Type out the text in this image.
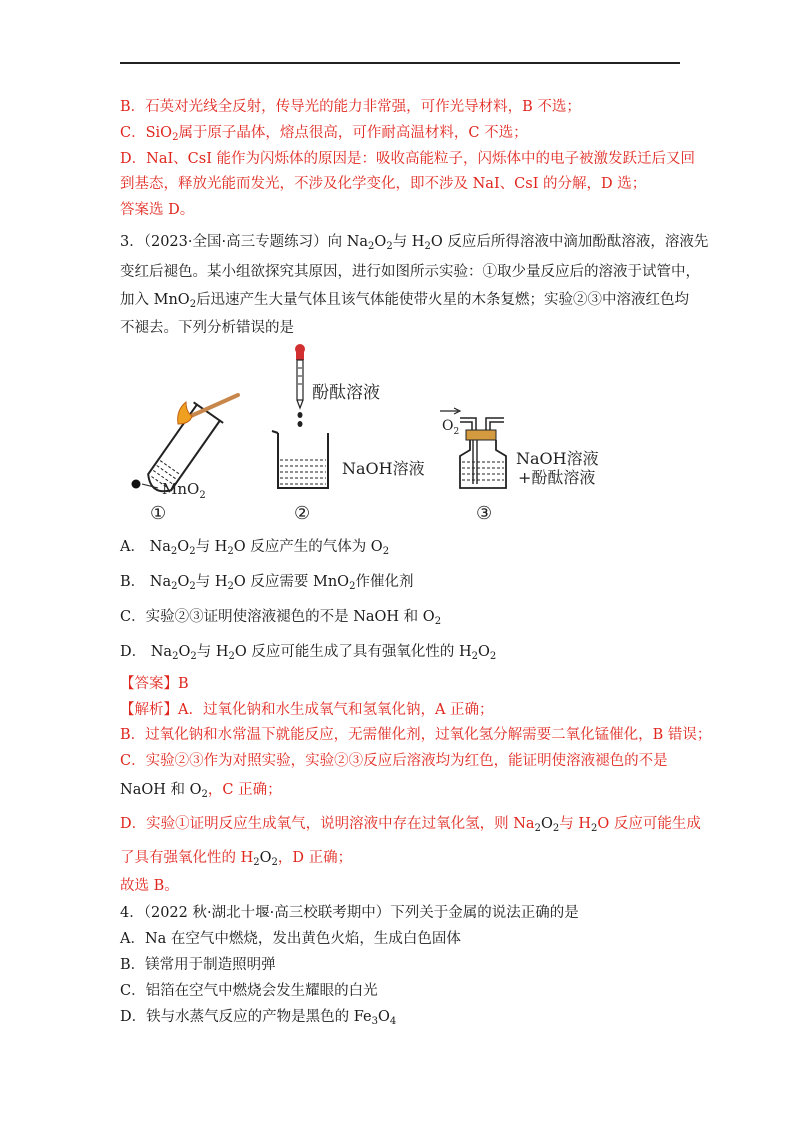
B．石英对光线全反射，传导光的能力非常强，可作光导材料，B 不选；
C．SiO$_2$属于原子晶体，熔点很高，可作耐高温材料，C 不选；
D．NaI、CsI 能作为闪烁体的原因是：吸收高能粒子，闪烁体中的电子被激发跃迁后又回
到基态，释放光能而发光，不涉及化学变化，即不涉及 NaI、CsI 的分解，D 选；
答案选 D。
3．（2023·全国·高三专题练习）向 $Na_2O_2$与 $H_2O$ 反应后所得溶液中滴加酚酞溶液，溶液先
变红后褪色。某小组欲探究其原因，进行如图所示实验：①取少量反应后的溶液于试管中，
加入 MnO$_2$后迅速产生大量气体且该气体能使带火星的木条复燃；实验②③中溶液红色均
不褪去。下列分析错误的是
MnO$_2$
①
酚酞溶液
NaOH溶液
②
$O_2$
NaOH溶液
+酚酞溶液
③
A． $Na_2O_2$与 $H_2O$ 反应产生的气体为 $O_2$
B． $Na_2O_2$与 $H_2O$ 反应需要 MnO$_2$作催化剂
C．实验②③证明使溶液褪色的不是 NaOH 和 $O_2$
D． $Na_2O_2$与 $H_2O$ 反应可能生成了具有强氧化性的 $H_2O_2$
【答案】B
【解析】A．过氧化钠和水生成氧气和氢氧化钠，A 正确；
B．过氧化钠和水常温下就能反应，无需催化剂，过氧化氢分解需要二氧化锰催化，B 错误；
C．实验②③作为对照实验，实验②③反应后溶液均为红色，能证明使溶液褪色的不是
NaOH 和 $O_2$，C 正确；
D．实验①证明反应生成氧气，说明溶液中存在过氧化氢，则 $Na_2O_2$与 $H_2O$ 反应可能生成
了具有强氧化性的 $H_2O_2$，D 正确；
故选 B。
4．（2022 秋·湖北十堰·高三校联考期中）下列关于金属的说法正确的是
A．Na 在空气中燃烧，发出黄色火焰，生成白色固体
B．镁常用于制造照明弹
C．铝箔在空气中燃烧会发生耀眼的白光
D．铁与水蒸气反应的产物是黑色的 $Fe_3O_4$
